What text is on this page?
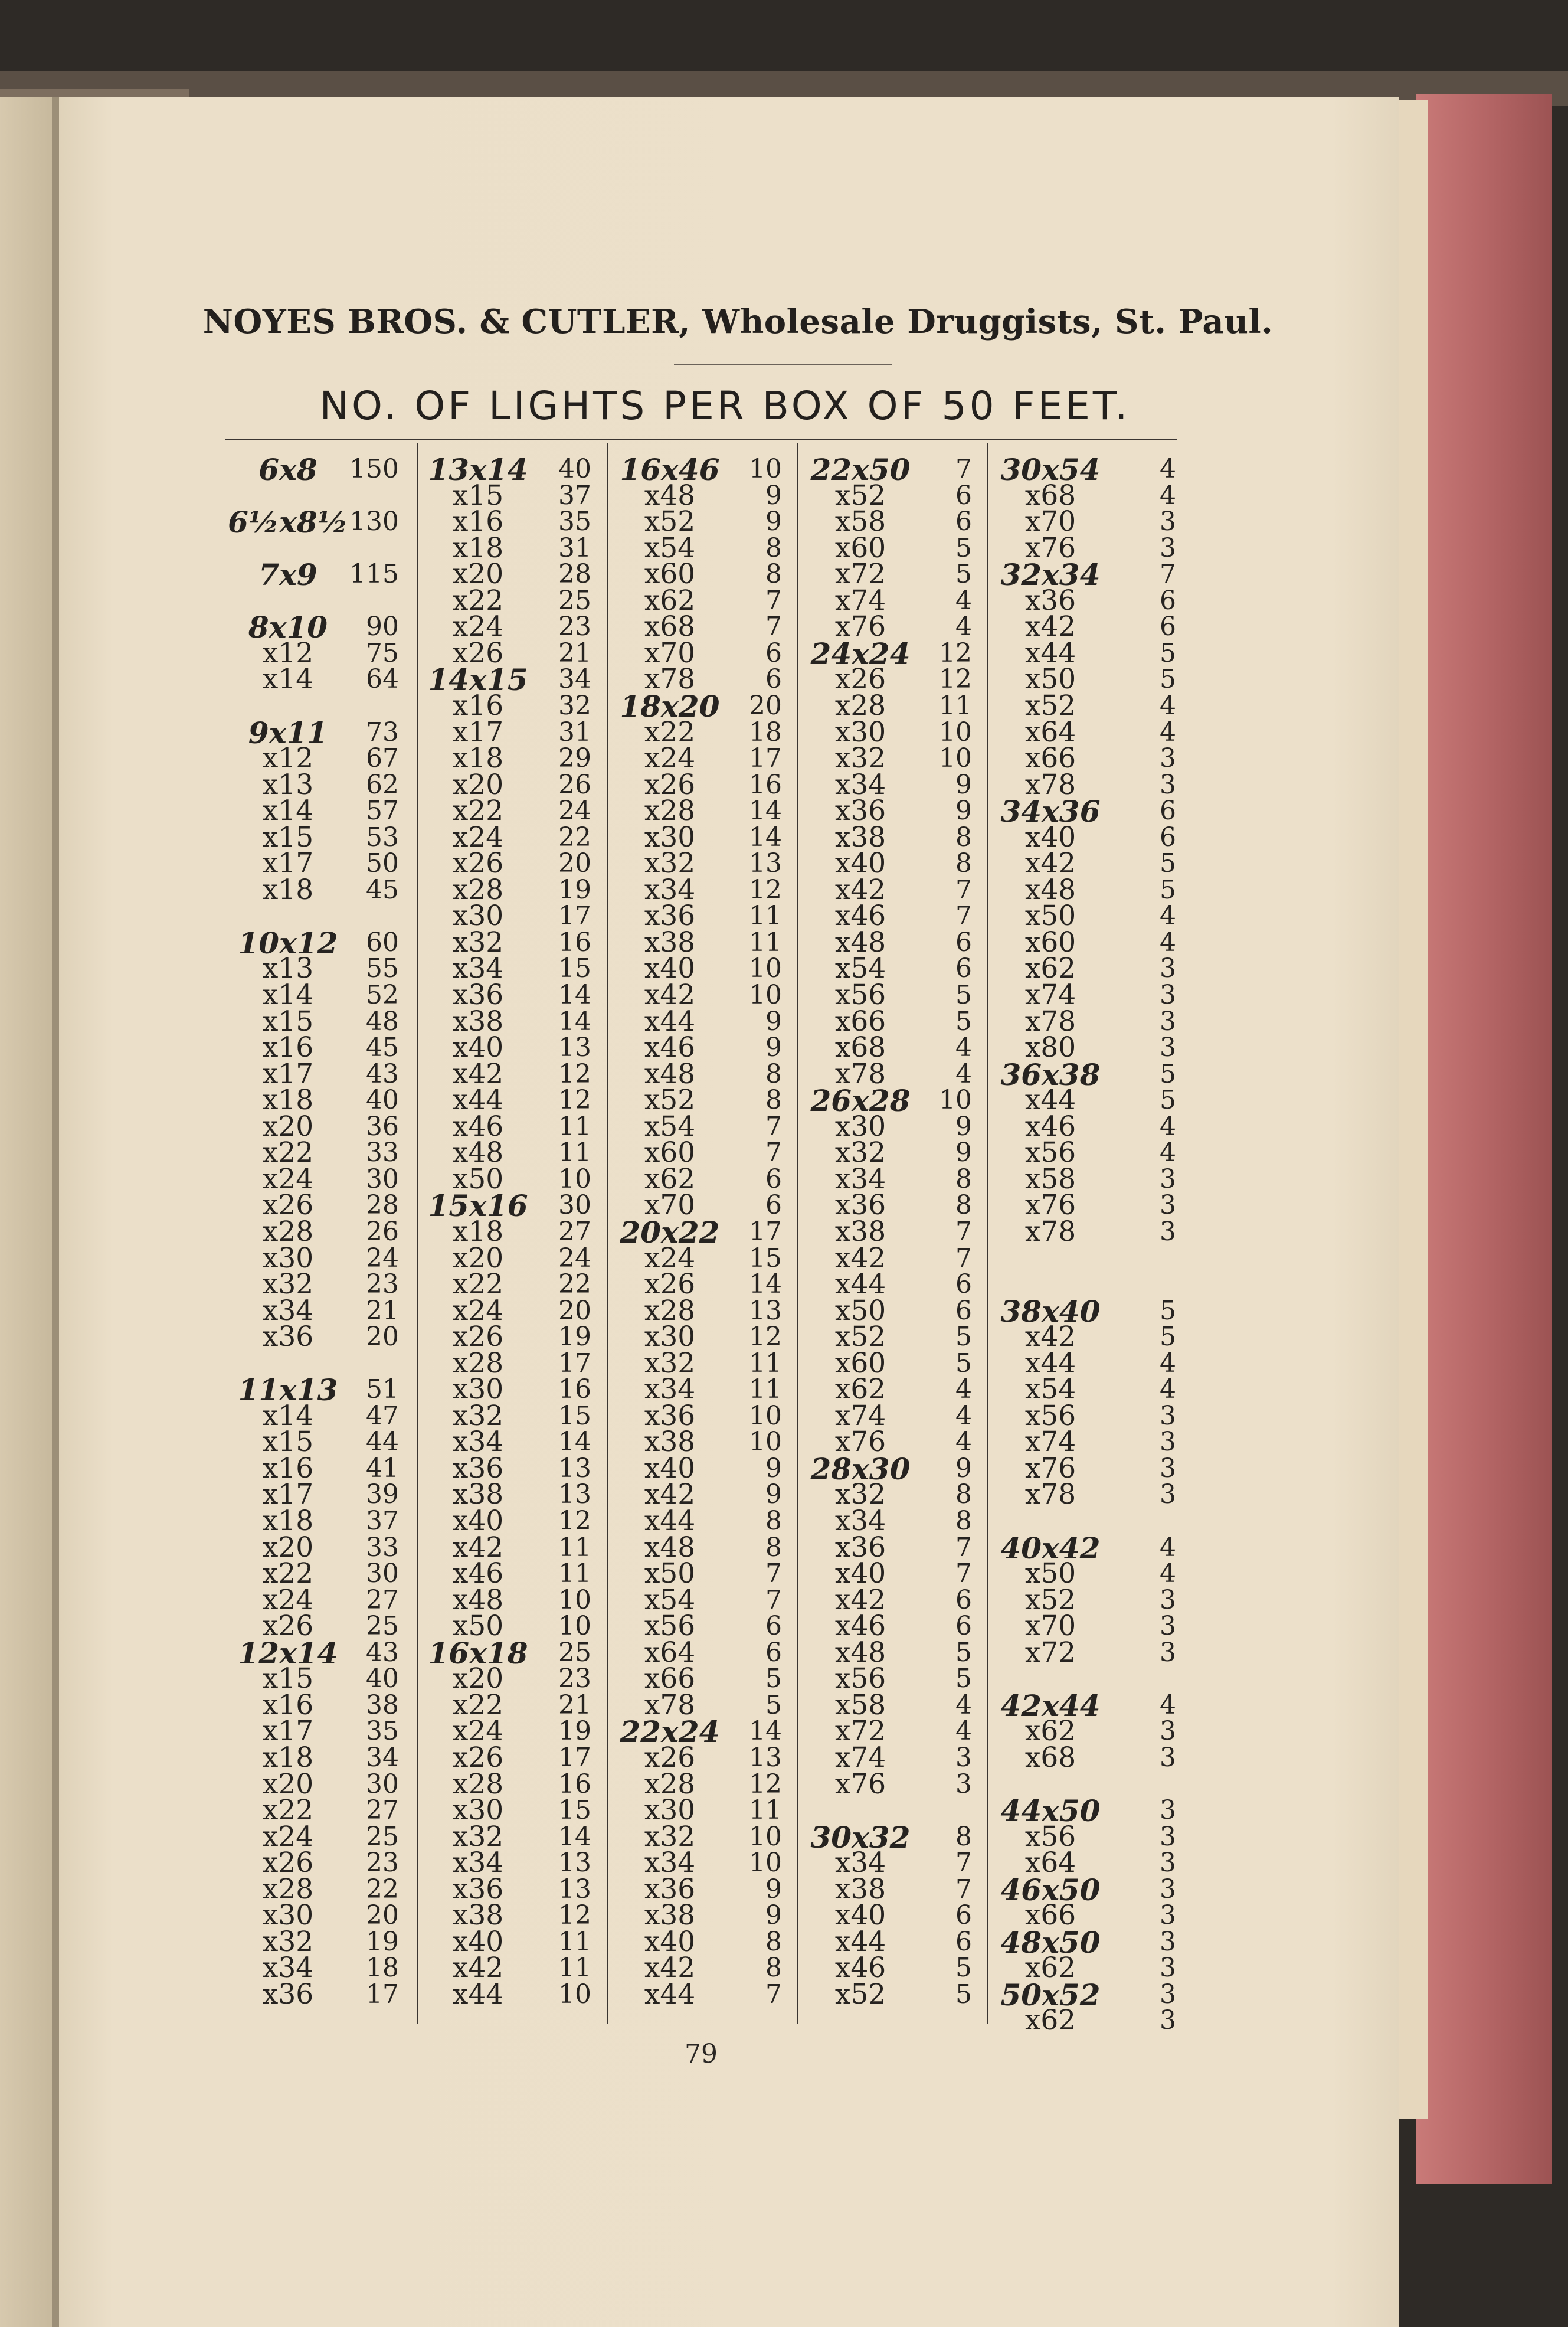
NOYES BROS. & CUTLER, Wholesale Druggists, St. Paul.
NO. OF LIGHTS PER BOX OF 50 FEET.
6x8 150
6½x8½ 130
7x9 115
8x10 90
x12 75
x14 64
9x11 73
x12 67
x13 62
x14 57
x15 53
x17 50
x18 45
10x12 60
x13 55
x14 52
x15 48
x16 45
x17 43
x18 40
x20 36
x22 33
x24 30
x26 28
x28 26
x30 24
x32 23
x34 21
x36 20
11x13 51
x14 47
x15 44
x16 41
x17 39
x18 37
x20 33
x22 30
x24 27
x26 25
12x14 43
x15 40
x16 38
x17 35
x18 34
x20 30
x22 27
x24 25
x26 23
x28 22
x30 20
x32 19
x34 18
x36 17
13x14 40
x15 37
x16 35
x18 31
x20 28
x22 25
x24 23
x26 21
14x15 34
x16 32
x17 31
x18 29
x20 26
x22 24
x24 22
x26 20
x28 19
x30 17
x32 16
x34 15
x36 14
x38 14
x40 13
x42 12
x44 12
x46 11
x48 11
x50 10
15x16 30
x18 27
x20 24
x22 22
x24 20
x26 19
x28 17
x30 16
x32 15
x34 14
x36 13
x38 13
x40 12
x42 11
x46 11
x48 10
x50 10
16x18 25
x20 23
x22 21
x24 19
x26 17
x28 16
x30 15
x32 14
x34 13
x36 13
x38 12
x40 11
x42 11
x44 10
16x46 10
x48	9
x52	9
x54	8
x60	8
x62	7
x68	7
x70	6
x78	6
18x20 20
x22 18
x24 17
x26 16
x28 14
x30 14
x32 13
x34 12
x36 11
x38 11
x40 10
x42 10
x44	9
x46	9
x48	8
x52	8
x54	7
x60	7
x62	6
x70	6
20x22 17
x24 15
x26 14
x28 13
x30 12
x32 11
x34 11
x36 10
x38 10
x40	9
x42	9
x44	8
x48	8
x50	7
x54	7
x56	6
x64	6
x66	5
x78	5
22x24 14
x26 13
x28 12
x30 11
x32 10
x34 10
x36	9
x38	9
x40	8
x42	8
x44	7
22x50 7
x52	6
x58	6
x60	5
x72	5
x74	4
x76	4
24x24 12
x26 12
x28 11
x30 10
x32 10
x34	9
x36	9
x38	8
x40	8
x42	7
x46	7
x48	6
x54	6
x56	5
x66	5
x68	4
x78	4
26x28 10
x30	9
x32	9
x34	8
x36	8
x38	7
x42	7
x44	6
x50	6
x52	5
x60	5
x62	4
x74	4
x76	4
28x30 9
x32	8
x34	8
x36	7
x40	7
x42	6
x46	6
x48	5
x56	5
x58	4
x72	4
x74	3
x76	3
30x32 8
x34	7
x38	7
x40	6
x44	6
x46	5
x52	5
30x54 4
x68	4
x70	3
x76	3
32x34 7
x36	6
x42	6
x44	5
x50	5
x52	4
x64	4
x66	3
x78	3
34x36 6
x40	6
x42	5
x48	5
x50	4
x60	4
x62	3
x74	3
x78	3
x80	3
36x38 5
x44	5
x46	4
x56	4
x58	3
x76	3
x78	3
38x40 5
x42	5
x44	4
x54	4
x56	3
x74	3
x76	3
x78	3
40x42 4
x50	4
x52	3
x70	3
x72	3
42x44 4
x62	3
x68	3
44x50 3
x56	3
x64	3
46x50 3
x66	3
48x50 3
x62	3
50x52 3
x62	3
79
